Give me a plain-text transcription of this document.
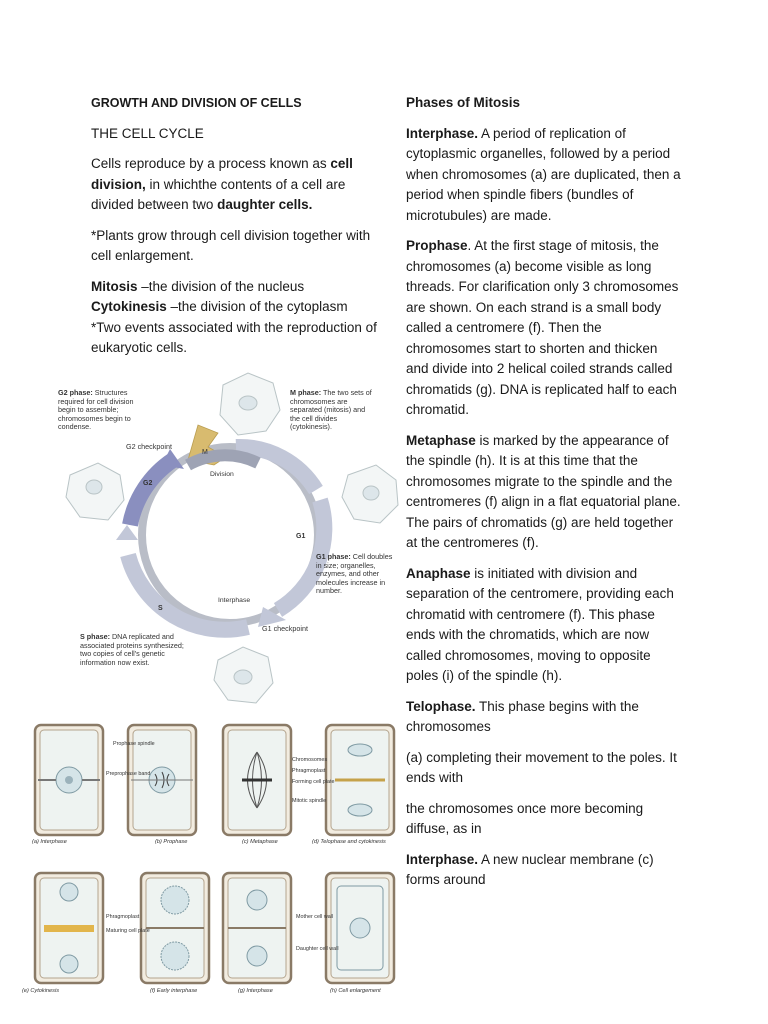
GROWTH AND DIVISION OF CELLS

THE CELL CYCLE

Cells reproduce by a process known as cell division, in whichthe contents of a cell are divided between two daughter cells.

*Plants grow through cell division together with cell enlargement.

Mitosis –the division of the nucleus
Cytokinesis –the division of the cytoplasm
*Two events associated with the reproduction of eukaryotic cells.
G2 phase: Structures required for cell division begin to assemble; chromosomes begin to condense.
M phase: The two sets of chromosomes are separated (mitosis) and the cell divides (cytokinesis).
G1 phase: Cell doubles in size; organelles, enzymes, and other molecules increase in number.
S phase: DNA replicated and associated proteins synthesized; two copies of cell's genetic information now exist.
G2 checkpoint
G1 checkpoint
M
Division
Interphase
G2
G1
S
(a) Interphase	(b) Prophase	(c) Metaphase	(d) Telophase and cytokinesis
(e) Cytokinesis	(f) Early interphase	(g) Interphase	(h) Cell enlargement
Prophase spindle
Preprophase band
Chromosomes
Phragmoplast
Forming cell plate
Mitotic spindle
Phragmoplast
Maturing cell plate
Mother cell wall
Daughter cell wall

Phases of Mitosis

Interphase. A period of replication of cytoplasmic organelles, followed by a period when chromosomes (a) are duplicated, then a period when spindle fibers (bundles of microtubules) are made.

Prophase. At the first stage of mitosis, the chromosomes (a) become visible as long threads. For clarification only 3 chromosomes are shown. On each strand is a small body called a centromere (f). Then the chromosomes start to shorten and thicken and divide into 2 helical coiled strands called chromatids (g). DNA is replicated half to each chromatid.

Metaphase is marked by the appearance of the spindle (h). It is at this time that the chromosomes migrate to the spindle and the centromeres (f) align in a flat equatorial plane. The pairs of chromatids (g) are held together at the centromeres (f).

Anaphase is initiated with division and separation of the centromere, providing each chromatid with centromere (f). This phase ends with the chromatids, which are now called chromosomes, moving to opposite poles (i) of the spindle (h).

Telophase. This phase begins with the chromosomes

(a) completing their movement to the poles. It ends with

the chromosomes once more becoming diffuse, as in

Interphase. A new nuclear membrane (c) forms around
